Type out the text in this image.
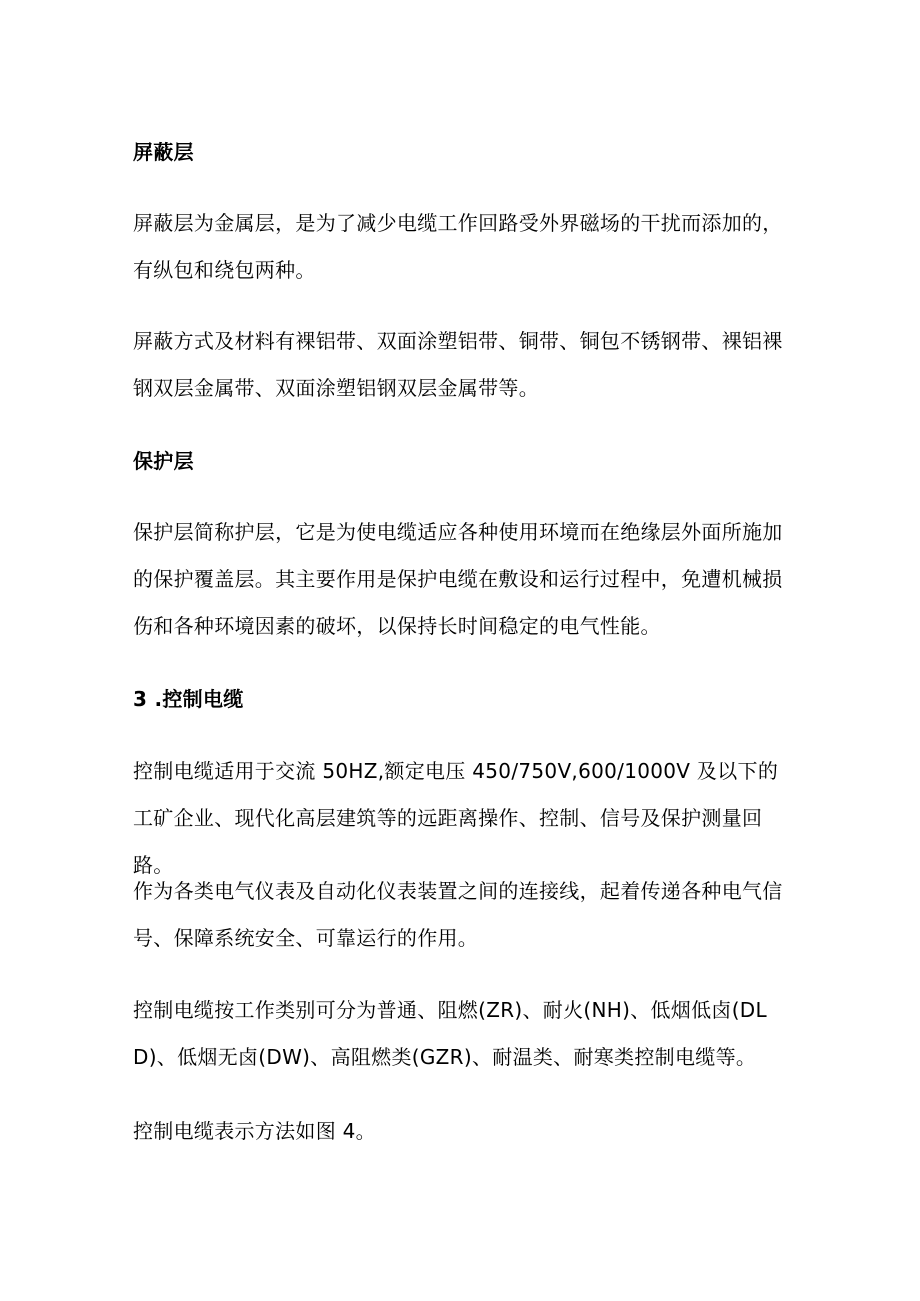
屏蔽层

屏蔽层为金属层，是为了减少电缆工作回路受外界磁场的干扰而添加的，有纵包和绕包两种。

屏蔽方式及材料有裸铝带、双面涂塑铝带、铜带、铜包不锈钢带、裸铝裸钢双层金属带、双面涂塑铝钢双层金属带等。

保护层

保护层简称护层，它是为使电缆适应各种使用环境而在绝缘层外面所施加的保护覆盖层。其主要作用是保护电缆在敷设和运行过程中，免遭机械损伤和各种环境因素的破坏，以保持长时间稳定的电气性能。

3 .控制电缆

控制电缆适用于交流 50HZ,额定电压 450/750V,600/1000V 及以下的工矿企业、现代化高层建筑等的远距离操作、控制、信号及保护测量回路。

作为各类电气仪表及自动化仪表装置之间的连接线，起着传递各种电气信号、保障系统安全、可靠运行的作用。

控制电缆按工作类别可分为普通、阻燃(ZR)、耐火(NH)、低烟低卤(DLD)、低烟无卤(DW)、高阻燃类(GZR)、耐温类、耐寒类控制电缆等。

控制电缆表示方法如图 4。
